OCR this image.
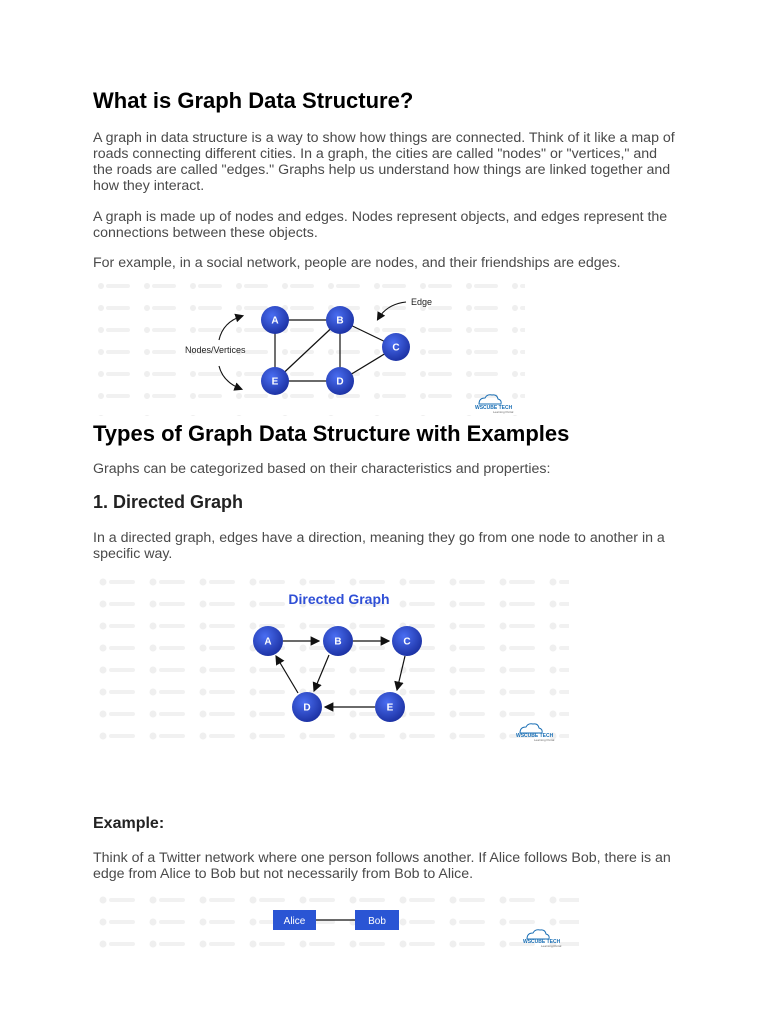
What is Graph Data Structure?

A graph in data structure is a way to show how things are connected. Think of it like a map of roads connecting different cities. In a graph, the cities are called "nodes" or "vertices," and the roads are called "edges." Graphs help us understand how things are linked together and how they interact.

A graph is made up of nodes and edges. Nodes represent objects, and edges represent the connections between these objects.

For example, in a social network, people are nodes, and their friendships are edges.

A	B
C
D
E
Nodes/Vertices
Edge
WSCUBE TECH
Learning Portal
Types of Graph Data Structure with Examples

Graphs can be categorized based on their characteristics and properties:

1. Directed Graph

In a directed graph, edges have a direction, meaning they go from one node to another in a specific way.

Directed Graph
A	B	C
D	E
WSCUBE TECH
Learning Portal
Example:

Think of a Twitter network where one person follows another. If Alice follows Bob, there is an edge from Alice to Bob but not necessarily from Bob to Alice.

Alice	Bob
WSCUBE TECH
Learning Portal
